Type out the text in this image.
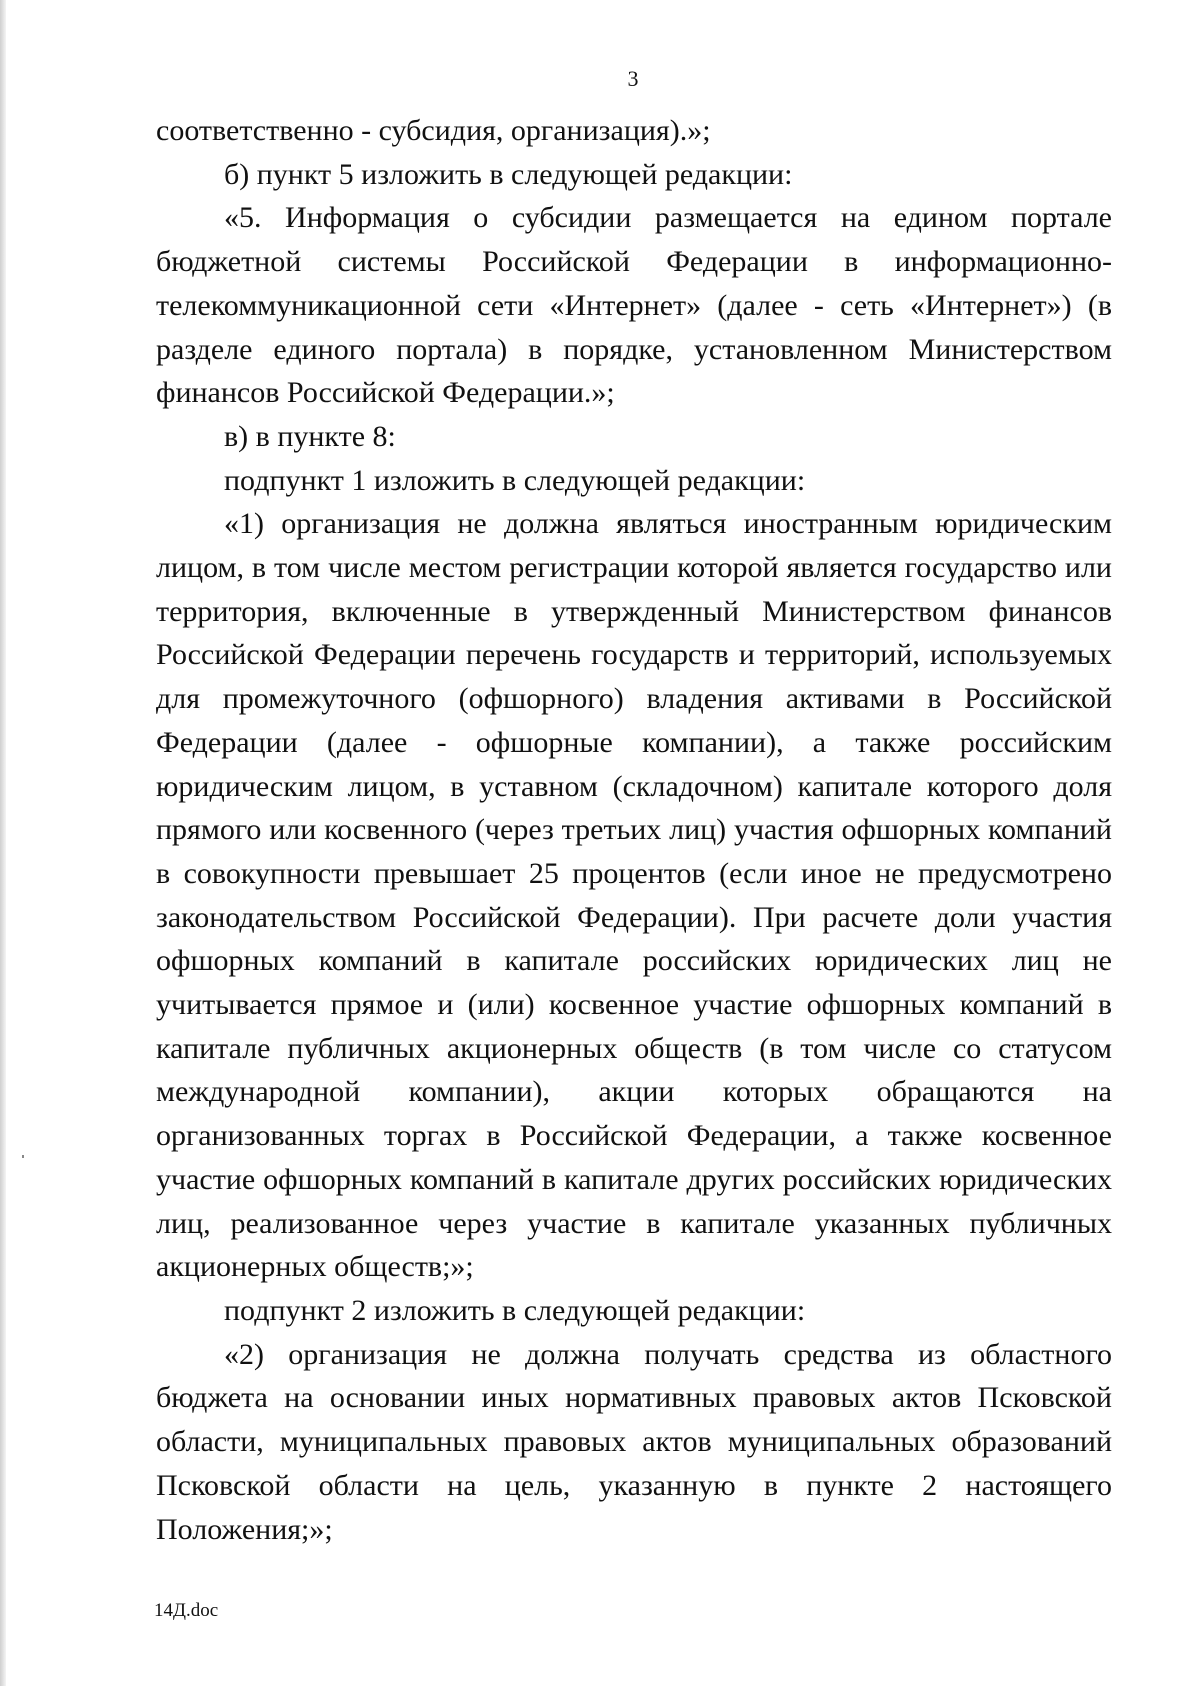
3

соответственно - субсидия, организация).»;

б) пункт 5 изложить в следующей редакции:

«5. Информация о субсидии размещается на едином портале бюджетной системы Российской Федерации в информационно-телекоммуникационной сети «Интернет» (далее - сеть «Интернет») (в разделе единого портала) в порядке, установленном Министерством финансов Российской Федерации.»;

в) в пункте 8:

подпункт 1 изложить в следующей редакции:

«1) организация не должна являться иностранным юридическим лицом, в том числе местом регистрации которой является государство или территория, включенные в утвержденный Министерством финансов Российской Федерации перечень государств и территорий, используемых для промежуточного (офшорного) владения активами в Российской Федерации (далее - офшорные компании), а также российским юридическим лицом, в уставном (складочном) капитале которого доля прямого или косвенного (через третьих лиц) участия офшорных компаний в совокупности превышает 25 процентов (если иное не предусмотрено законодательством Российской Федерации). При расчете доли участия офшорных компаний в капитале российских юридических лиц не учитывается прямое и (или) косвенное участие офшорных компаний в капитале публичных акционерных обществ (в том числе со статусом международной компании), акции которых обращаются на организованных торгах в Российской Федерации, а также косвенное участие офшорных компаний в капитале других российских юридических лиц, реализованное через участие в капитале указанных публичных акционерных обществ;»;

подпункт 2 изложить в следующей редакции:

«2) организация не должна получать средства из областного бюджета на основании иных нормативных правовых актов Псковской области, муниципальных правовых актов муниципальных образований Псковской области на цель, указанную в пункте 2 настоящего Положения;»;

14Д.doc
